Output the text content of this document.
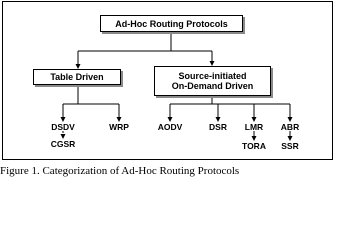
Ad-Hoc Routing Protocols
Table Driven	Source-initiated
On-Demand Driven
DSDV
CGSR
WRP	AODV	DSR LMR
TORA
ABR
SSR
Figure 1. Categorization of Ad-Hoc Routing Protocols
